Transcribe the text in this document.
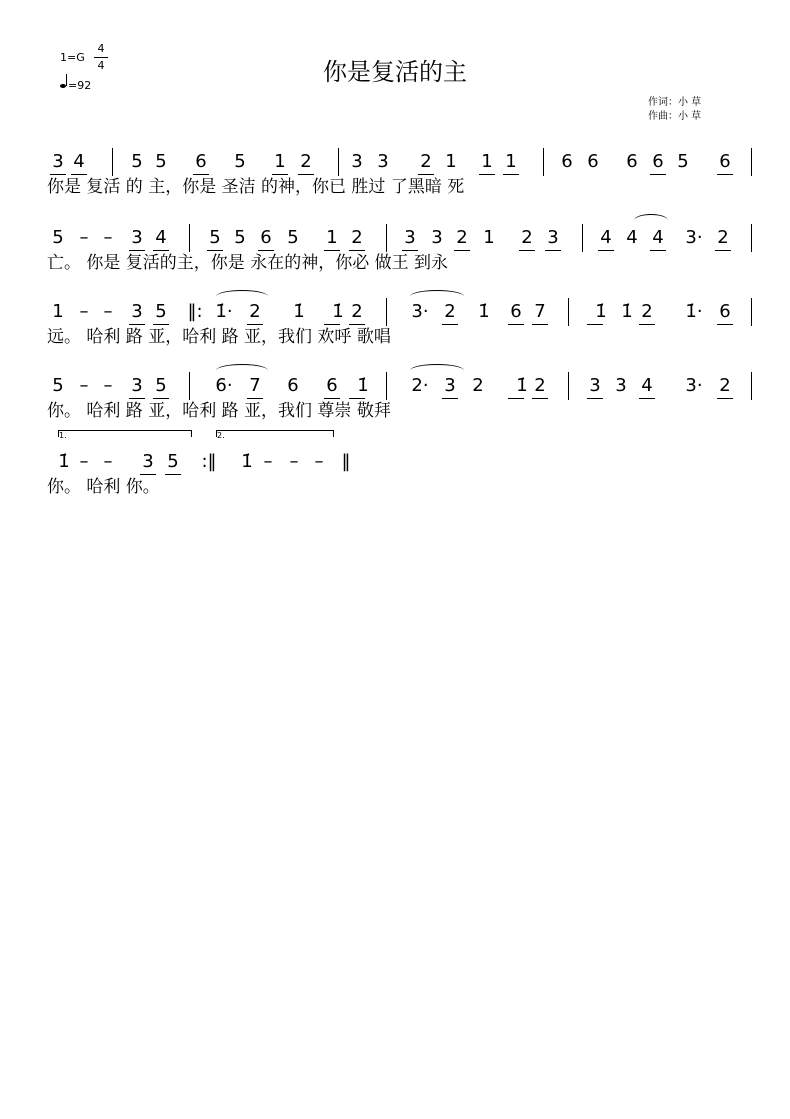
你是复活的主
1=G
4
4
=92
作词：小 草
作曲：小 草
你是 复活 的 主，你是 圣洁 的神，你已 胜过 了黑暗 死
3 4	5 5 6 5 1 2 3 3 2 1 1 1 6 6 6 6 5 6
亡。 你是 复活的主，你是 永在的神，你必 做王 到永
5 – – 3 4 5 5 6 5 1 2 3 3 2 1 2 3 4 4 4	3· 2
远。 哈利 路 亚，哈利 路 亚，我们 欢呼 歌唱
1 – – 3 5	‖: 1̇· 2	1̇	1̇ 2	3· 2	1̇	6 7	1̇ 1̇ 2	1̇· 6
你。 哈利 路 亚，哈利 路 亚，我们 尊崇 敬拜
5 – – 3 5	6· 7 6 6	1̇	2· 3 2	1̇ 2 3 3 4	3· 2
你。 哈利 你。
1.	2.
1̇ – – 3 5	:‖	1̇ – – – ‖
